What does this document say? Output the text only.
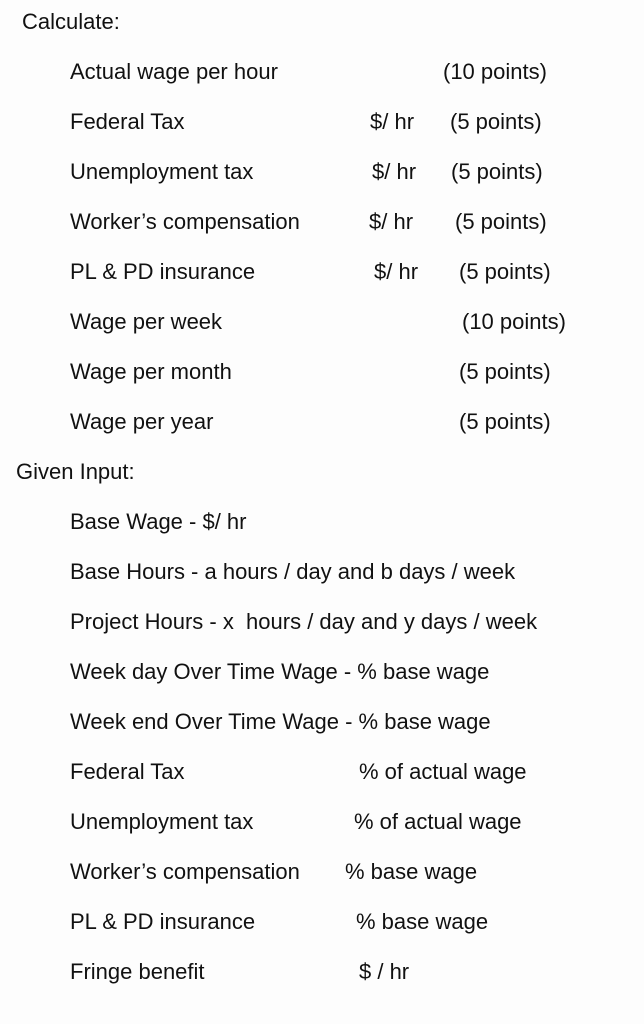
Calculate:
Actual wage per hour	(10 points)
Federal Tax	$/ hr (5 points)
Unemployment tax	$/ hr (5 points)
Worker’s compensation	$/ hr (5 points)
PL & PD insurance	$/ hr (5 points)
Wage per week	(10 points)
Wage per month	(5 points)
Wage per year	(5 points)
Given Input:
Base Wage - $/ hr
Base Hours - a hours / day and b days / week
Project Hours - x  hours / day and y days / week
Week day Over Time Wage - % base wage
Week end Over Time Wage - % base wage
Federal Tax	% of actual wage
Unemployment tax	% of actual wage
Worker’s compensation % base wage
PL & PD insurance	% base wage
Fringe benefit	$ / hr
